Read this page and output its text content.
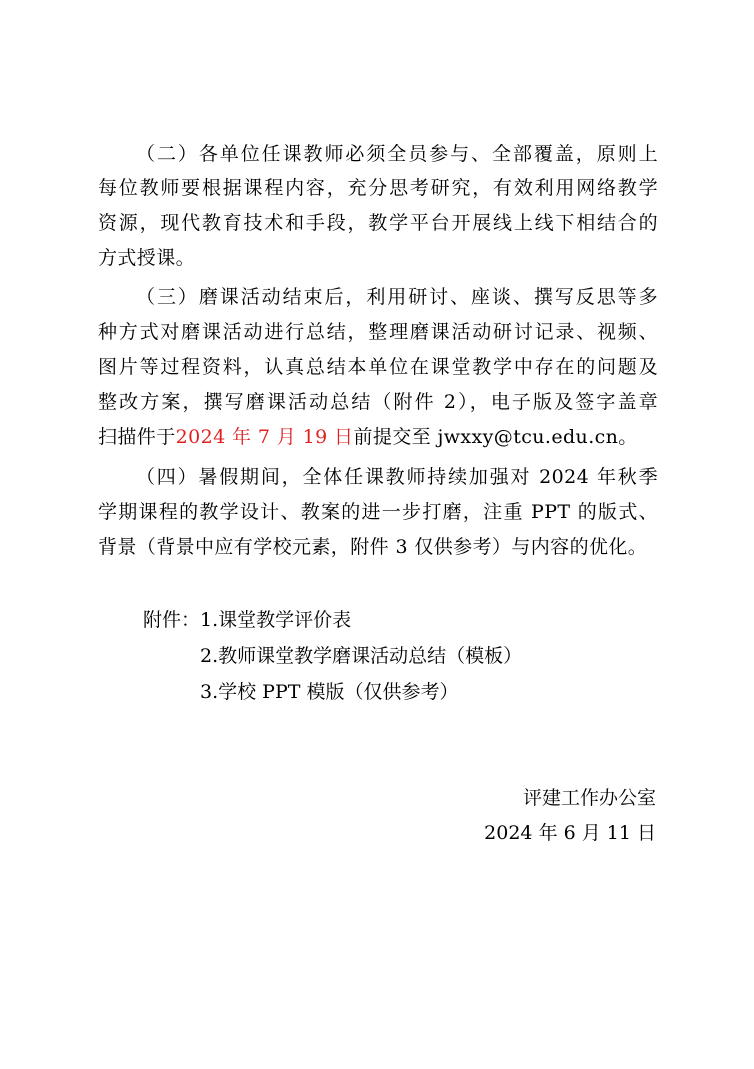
（二）各单位任课教师必须全员参与、全部覆盖，原则上
每位教师要根据课程内容，充分思考研究，有效利用网络教学
资源，现代教育技术和手段，教学平台开展线上线下相结合的
方式授课。
（三）磨课活动结束后，利用研讨、座谈、撰写反思等多
种方式对磨课活动进行总结，整理磨课活动研讨记录、视频、
图片等过程资料，认真总结本单位在课堂教学中存在的问题及
整改方案，撰写磨课活动总结（附件 2），电子版及签字盖章
扫描件于2024 年 7 月 19 日前提交至 jwxxy@tcu.edu.cn。
（四）暑假期间，全体任课教师持续加强对 2024 年秋季
学期课程的教学设计、教案的进一步打磨，注重 PPT 的版式、
背景（背景中应有学校元素，附件 3 仅供参考）与内容的优化。
附件： 1.课堂教学评价表
2.教师课堂教学磨课活动总结（模板）
3.学校 PPT 模版（仅供参考）
评建工作办公室
2024 年 6 月 11 日
